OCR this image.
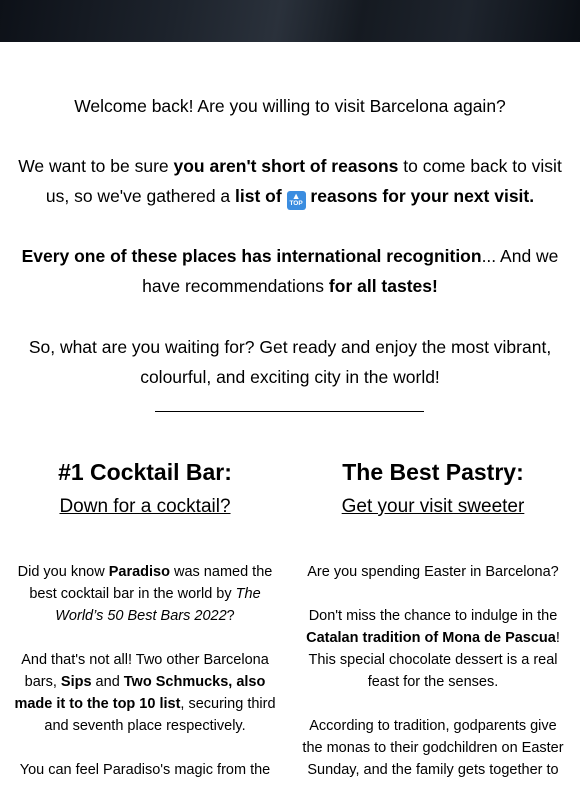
Welcome back! Are you willing to visit Barcelona again?

We want to be sure you aren't short of reasons to come back to visit us, so we've gathered a list of ▲
TOP reasons for your next visit.

Every one of these places has international recognition... And we have recommendations for all tastes!

So, what are you waiting for? Get ready and enjoy the most vibrant, colourful, and exciting city in the world!

#1 Cocktail Bar:

Down for a cocktail?

Did you know Paradiso was named the best cocktail bar in the world by The World’s 50 Best Bars 2022?

And that's not all! Two other Barcelona bars, Sips and Two Schmucks, also made it to the top 10 list, securing third and seventh place respectively.

You can feel Paradiso's magic from the

The Best Pastry:

Get your visit sweeter

Are you spending Easter in Barcelona?

Don't miss the chance to indulge in the Catalan tradition of Mona de Pascua! This special chocolate dessert is a real feast for the senses.

According to tradition, godparents give the monas to their godchildren on Easter Sunday, and the family gets together to
